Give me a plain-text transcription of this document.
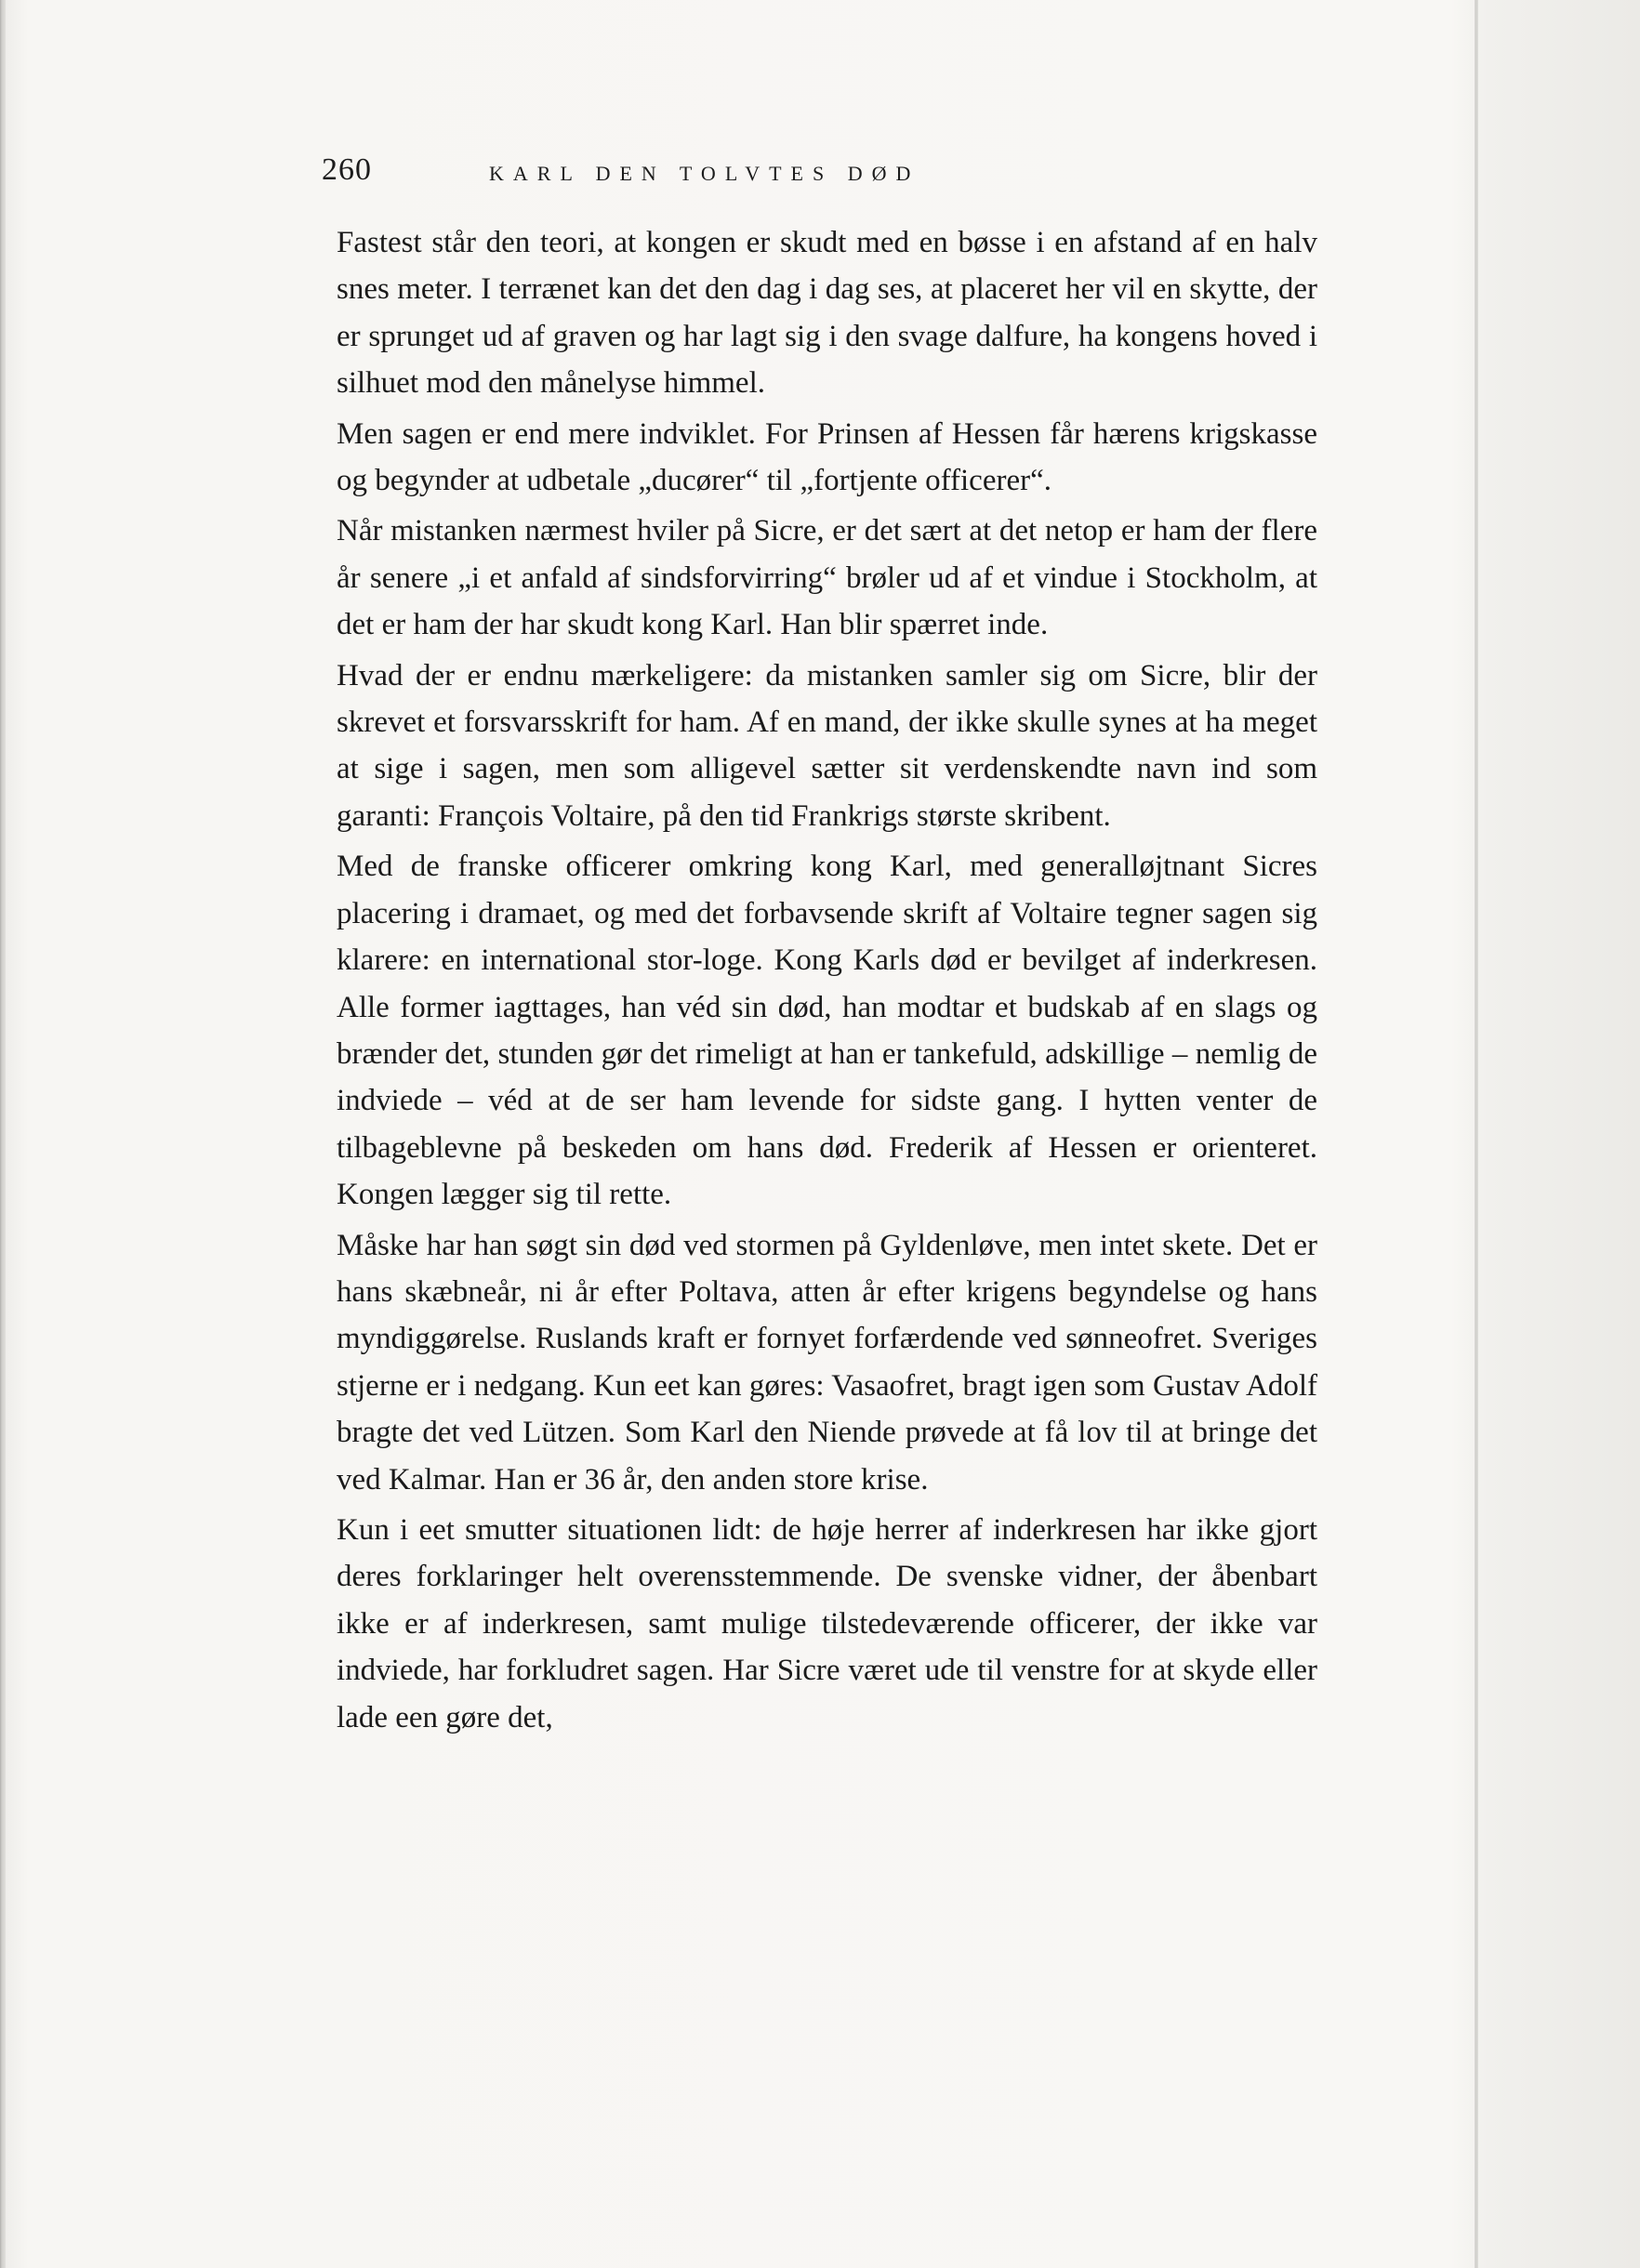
260	KARL DEN TOLVTES DØD

Fastest står den teori, at kongen er skudt med en bøsse i en afstand af en halv snes meter. I terrænet kan det den dag i dag ses, at placeret her vil en skytte, der er sprunget ud af graven og har lagt sig i den svage dalfure, ha kongens hoved i silhuet mod den månelyse himmel.

Men sagen er end mere indviklet. For Prinsen af Hessen får hærens krigskasse og begynder at udbetale „ducører“ til „fortjente officerer“.

Når mistanken nærmest hviler på Sicre, er det sært at det netop er ham der flere år senere „i et anfald af sindsforvirring“ brøler ud af et vindue i Stockholm, at det er ham der har skudt kong Karl. Han blir spærret inde.

Hvad der er endnu mærkeligere: da mistanken samler sig om Sicre, blir der skrevet et forsvarsskrift for ham. Af en mand, der ikke skulle synes at ha meget at sige i sagen, men som alligevel sætter sit verdenskendte navn ind som garanti: François Voltaire, på den tid Frankrigs største skribent.

Med de franske officerer omkring kong Karl, med generalløjtnant Sicres placering i dramaet, og med det forbavsende skrift af Voltaire tegner sagen sig klarere: en international stor-loge. Kong Karls død er bevilget af inderkresen. Alle former iagttages, han véd sin død, han modtar et budskab af en slags og brænder det, stunden gør det rimeligt at han er tankefuld, adskillige – nemlig de indviede – véd at de ser ham levende for sidste gang. I hytten venter de tilbageblevne på beskeden om hans død. Frederik af Hessen er orienteret. Kongen lægger sig til rette.

Måske har han søgt sin død ved stormen på Gyldenløve, men intet skete. Det er hans skæbneår, ni år efter Poltava, atten år efter krigens begyndelse og hans myndiggørelse. Ruslands kraft er fornyet forfærdende ved sønneofret. Sveriges stjerne er i nedgang. Kun eet kan gøres: Vasaofret, bragt igen som Gustav Adolf bragte det ved Lützen. Som Karl den Niende prøvede at få lov til at bringe det ved Kalmar. Han er 36 år, den anden store krise.

Kun i eet smutter situationen lidt: de høje herrer af inderkresen har ikke gjort deres forklaringer helt overensstemmende. De svenske vidner, der åbenbart ikke er af inderkresen, samt mulige tilstedeværende officerer, der ikke var indviede, har forkludret sagen. Har Sicre været ude til venstre for at skyde eller lade een gøre det,
